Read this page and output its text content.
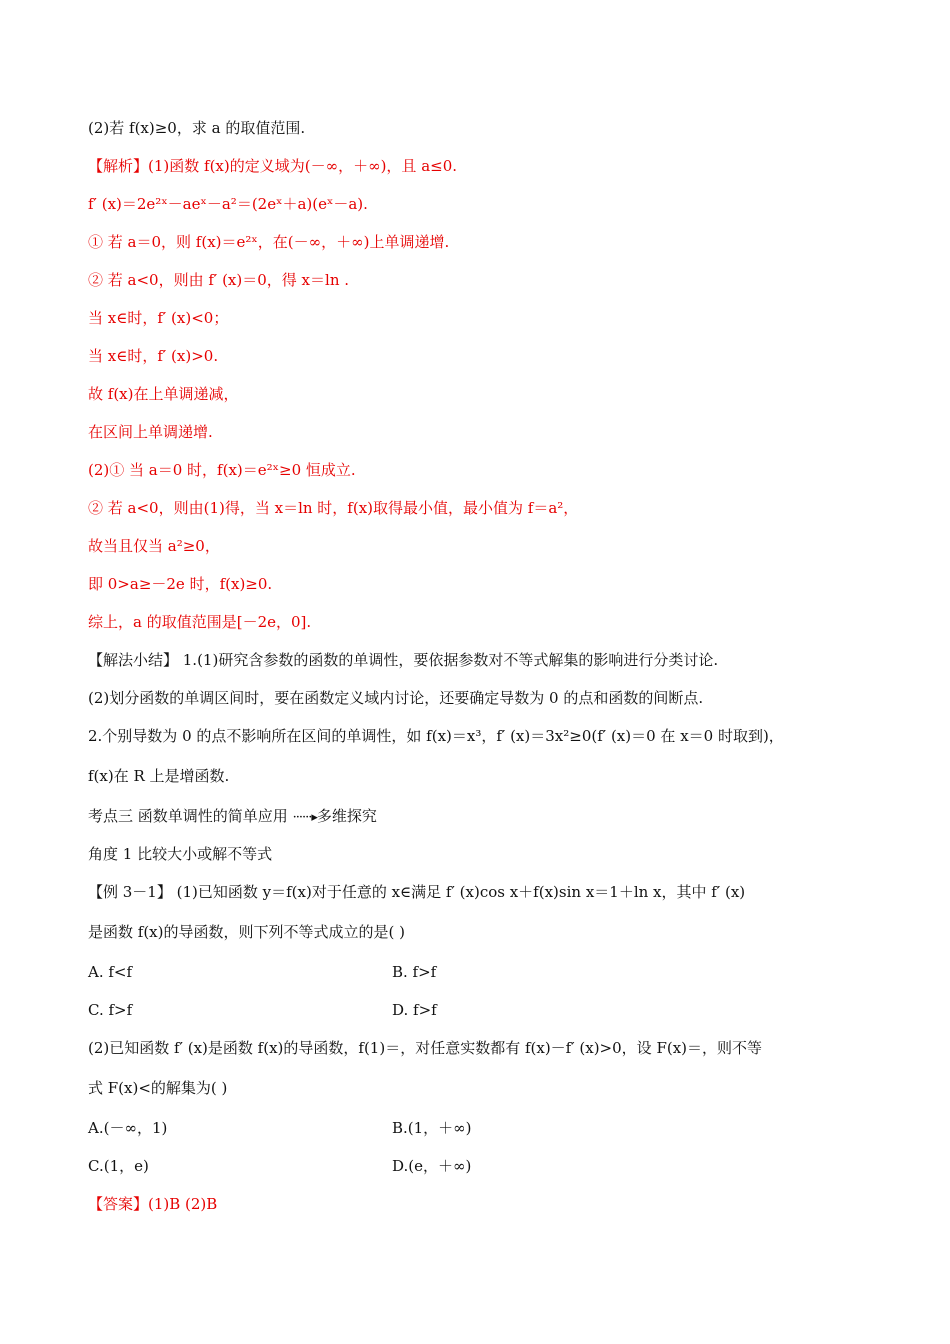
(2)若 f(x)≥0，求 a 的取值范围.
【解析】(1)函数 f(x)的定义域为(－∞，＋∞)，且 a≤0.
f′ (x)＝2e²ˣ－aeˣ－a²＝(2eˣ＋a)(eˣ－a).
① 若 a＝0，则 f(x)＝e²ˣ，在(－∞，＋∞)上单调递增.
② 若 a<0，则由 f′ (x)＝0，得 x＝ln .
当 x∈时，f′ (x)<0；
当 x∈时，f′ (x)>0.
故 f(x)在上单调递减，
在区间上单调递增.
(2)① 当 a＝0 时，f(x)＝e²ˣ≥0 恒成立.
② 若 a<0，则由(1)得，当 x＝ln 时，f(x)取得最小值，最小值为 f＝a²，
故当且仅当 a²≥0，
即 0>a≥－2e 时，f(x)≥0.
综上，a 的取值范围是[－2e，0].
【解法小结】 1.(1)研究含参数的函数的单调性，要依据参数对不等式解集的影响进行分类讨论.
(2)划分函数的单调区间时，要在函数定义域内讨论，还要确定导数为 0 的点和函数的间断点.
2.个别导数为 0 的点不影响所在区间的单调性，如 f(x)＝x³，f′ (x)＝3x²≥0(f′ (x)＝0 在 x＝0 时取到)，
f(x)在 R 上是增函数.
考点三 函数单调性的简单应用 ······▸多维探究
角度 1 比较大小或解不等式
【例 3－1】 (1)已知函数 y＝f(x)对于任意的 x∈满足 f′ (x)cos x＋f(x)sin x＝1＋ln x，其中 f′ (x)
是函数 f(x)的导函数，则下列不等式成立的是( )
A. f<f	B. f>f
C. f>f	D. f>f
(2)已知函数 f′ (x)是函数 f(x)的导函数，f(1)＝，对任意实数都有 f(x)－f′ (x)>0，设 F(x)＝，则不等
式 F(x)<的解集为( )
A.(－∞，1)	B.(1，＋∞)
C.(1，e)	D.(e，＋∞)
【答案】(1)B (2)B
